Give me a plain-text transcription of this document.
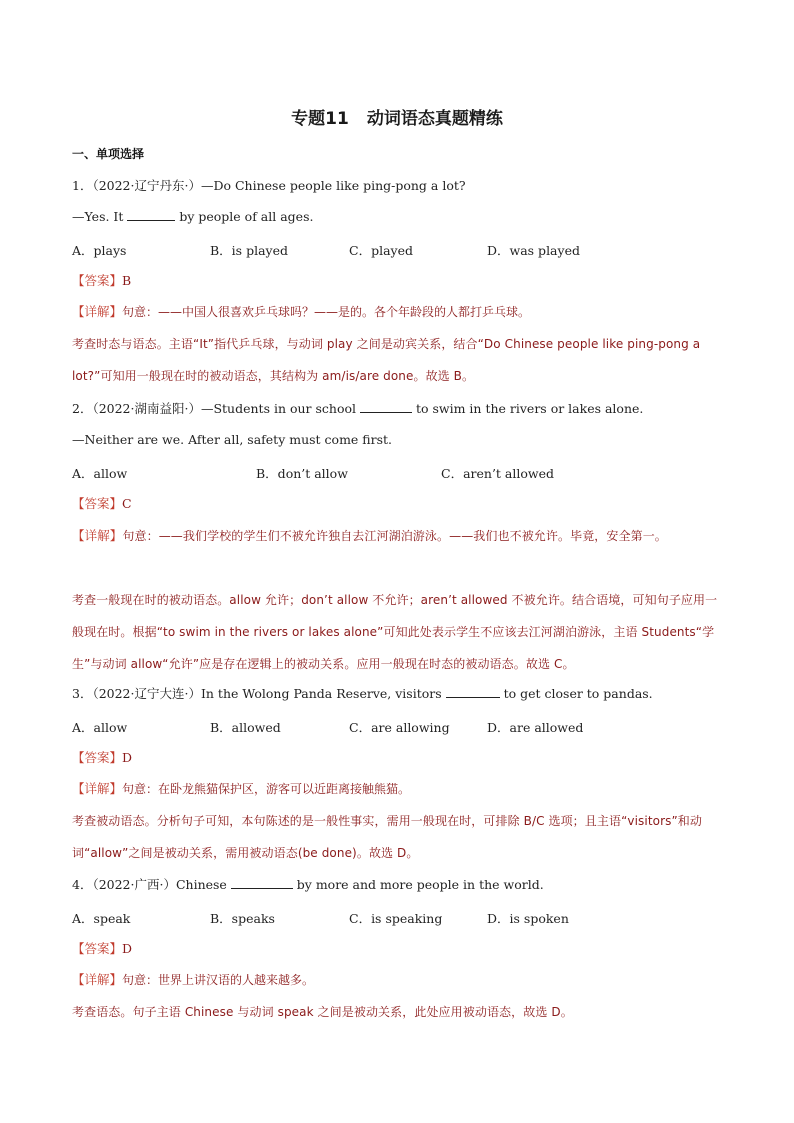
专题11 动词语态真题精练
一、单项选择
1．（2022·辽宁丹东·）—Do Chinese people like ping-pong a lot?
—Yes. It	by people of all ages.
A．plays	B．is played	C．played	D．was played
【答案】B
【详解】句意：——中国人很喜欢乒乓球吗？——是的。各个年龄段的人都打乒乓球。
考查时态与语态。主语“It”指代乒乓球，与动词 play 之间是动宾关系，结合“Do Chinese people like ping-pong a lot?”可知用一般现在时的被动语态，其结构为 am/is/are done。故选 B。
2．（2022·湖南益阳·）—Students in our school	to swim in the rivers or lakes alone.
—Neither are we. After all, safety must come first.
A．allow	B．don’t allow	C．aren’t allowed
【答案】C
【详解】句意：——我们学校的学生们不被允许独自去江河湖泊游泳。——我们也不被允许。毕竟，安全第一。
考查一般现在时的被动语态。allow 允许；don’t allow 不允许；aren’t allowed 不被允许。结合语境，可知句子应用一般现在时。根据“to swim in the rivers or lakes alone”可知此处表示学生不应该去江河湖泊游泳，主语 Students“学生”与动词 allow“允许”应是存在逻辑上的被动关系。应用一般现在时态的被动语态。故选 C。
3．（2022·辽宁大连·）In the Wolong Panda Reserve, visitors	to get closer to pandas.
A．allow	B．allowed	C．are allowing	D．are allowed
【答案】D
【详解】句意：在卧龙熊猫保护区，游客可以近距离接触熊猫。
考查被动语态。分析句子可知，本句陈述的是一般性事实，需用一般现在时，可排除 B/C 选项；且主语“visitors”和动词“allow”之间是被动关系，需用被动语态(be done)。故选 D。
4．（2022·广西·）Chinese	by more and more people in the world.
A．speak	B．speaks	C．is speaking	D．is spoken
【答案】D
【详解】句意：世界上讲汉语的人越来越多。
考查语态。句子主语 Chinese 与动词 speak 之间是被动关系，此处应用被动语态，故选 D。
